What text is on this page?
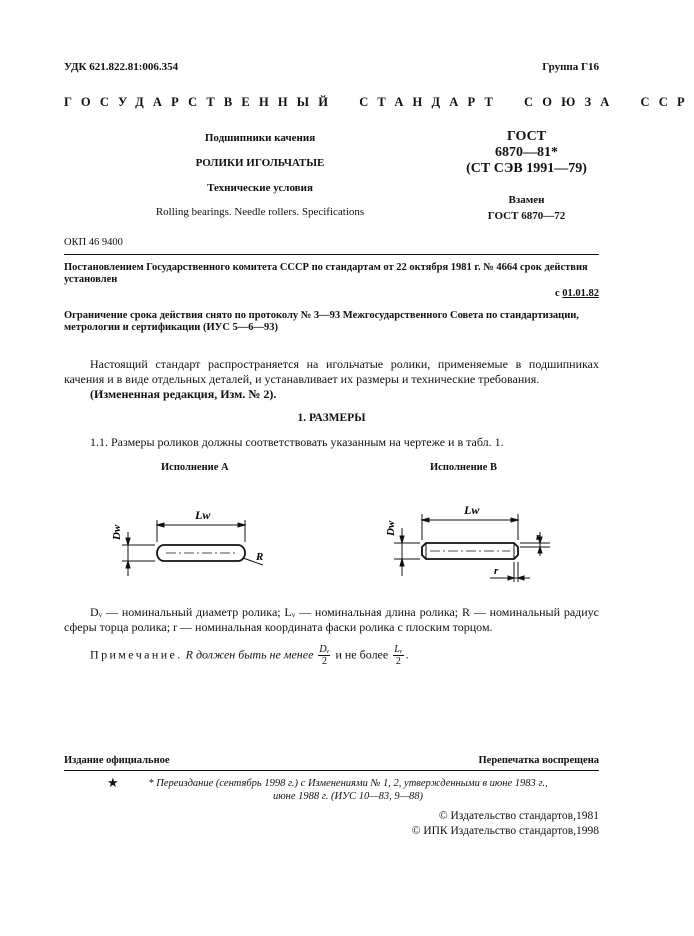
УДК 621.822.81:006.354	Группа Г16
ГОСУДАРСТВЕННЫЙ СТАНДАРТ СОЮЗА ССР
Подшипники качения
РОЛИКИ ИГОЛЬЧАТЫЕ
Технические условия
Rolling bearings. Needle rollers. Specifications
ГОСТ
6870—81*
(СТ СЭВ 1991—79)
Взамен
ГОСТ 6870—72
ОКП 46 9400
Постановлением Государственного комитета СССР по стандартам от 22 октября 1981 г. № 4664 срок действия установлен
с 01.01.82
Ограничение срока действия снято по протоколу № 3—93 Межгосударственного Совета по стандартизации, метрологии и сертификации (ИУС 5—6—93)
Настоящий стандарт распространяется на игольчатые ролики, применяемые в подшипниках качения и в виде отдельных деталей, и устанавливает их размеры и технические требования.
(Измененная редакция, Изм. № 2).
1. РАЗМЕРЫ
1.1. Размеры роликов должны соответствовать указанным на чертеже и в табл. 1.
Исполнение А	Исполнение В
Dw
Lw
R
Dw
Lw
r
r
Dᵥ — номинальный диаметр ролика; Lᵥ — номинальная длина ролика; R — номинальный радиус сферы торца ролика; r — номинальная координата фаски ролика с плоским торцом.
Примечание. R должен быть не менее $\frac{\text{Dᵥ}}{2}$ и не более $\frac{\text{Lᵥ}}{2}$ .
Издание официальное	Перепечатка воспрещена
★	* Переиздание (сентябрь 1998 г.) с Изменениями № 1, 2, утвержденными в июне 1983 г., июне 1988 г. (ИУС 10—83, 9—88)
© Издательство стандартов,1981
© ИПК Издательство стандартов,1998
